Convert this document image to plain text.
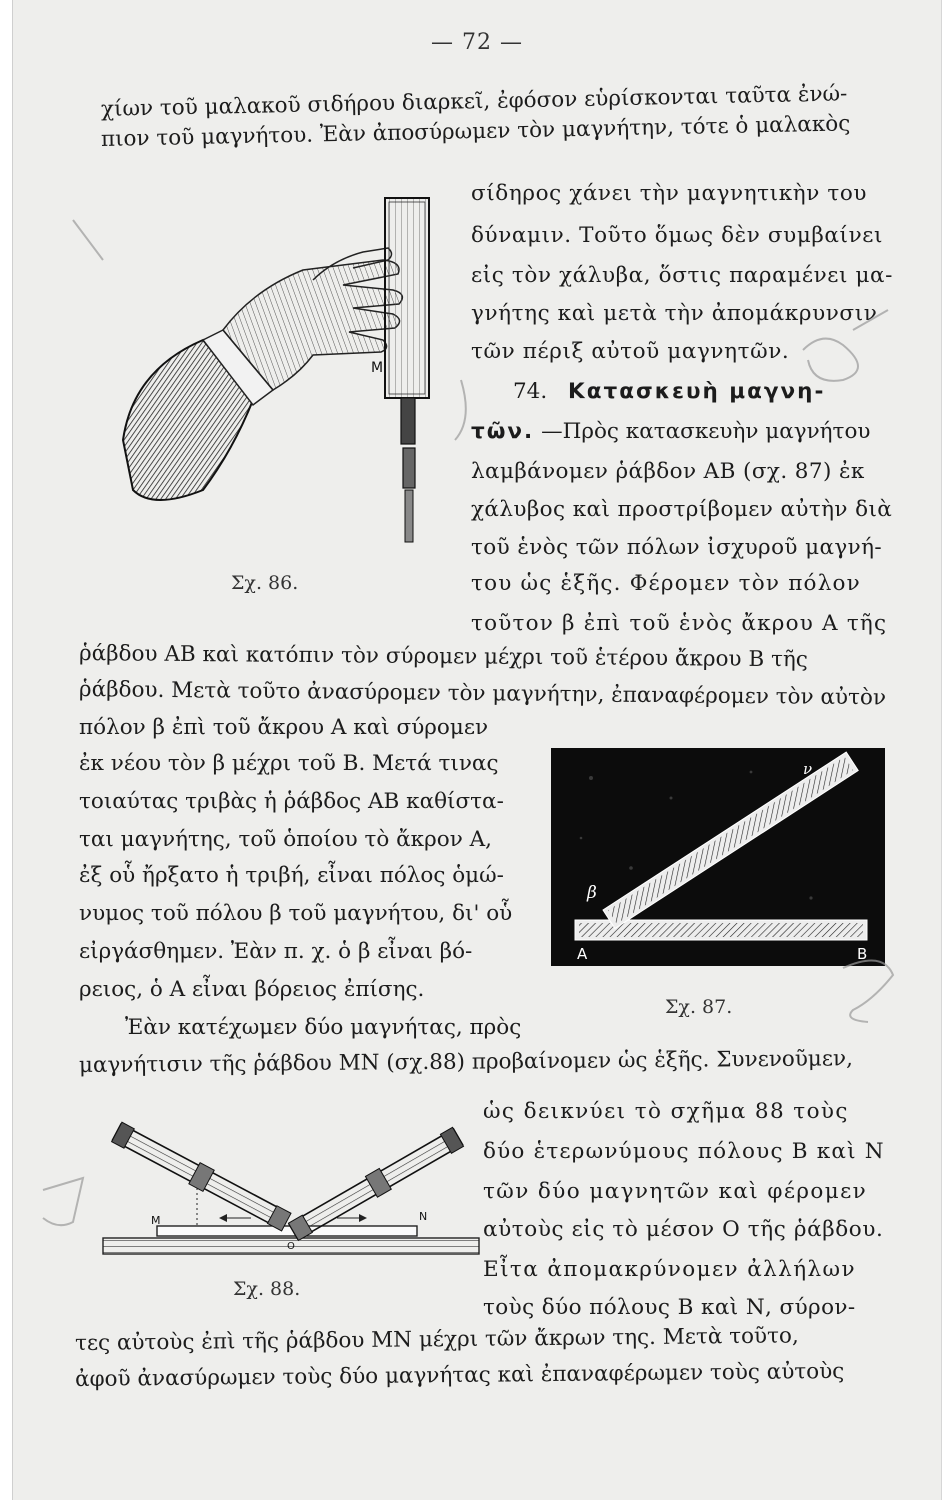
— 72 —
χίων τοῦ μαλακοῦ σιδήρου διαρκεῖ, ἐφόσον εὑρίσκονται ταῦτα ἐνώ-
πιον τοῦ μαγνήτου. Ἐὰν ἀποσύρωμεν τὸν μαγνήτην, τότε ὁ μαλακὸς
σίδηρος χάνει τὴν μαγνητικὴν του
δύναμιν. Τοῦτο ὅμως δὲν συμβαίνει
εἰς τὸν χάλυβα, ὅστις παραμένει μα-
γνήτης καὶ μετὰ τὴν ἀπομάκρυνσιν
τῶν πέριξ αὐτοῦ μαγνητῶν.
74. Κατασκευὴ μαγνη-
τῶν. —Πρὸς κατασκευὴν μαγνήτου
λαμβάνομεν ῥάβδον ΑΒ (σχ. 87) ἐκ
χάλυβος καὶ προστρίβομεν αὐτὴν διὰ
τοῦ ἑνὸς τῶν πόλων ἰσχυροῦ μαγνή-
του ὡς ἑξῆς. Φέρομεν τὸν πόλον
τοῦτον β ἐπὶ τοῦ ἑνὸς ἄκρου Α τῆς
ῥάβδου ΑΒ καὶ κατόπιν τὸν σύρομεν μέχρι τοῦ ἑτέρου ἄκρου Β τῆς
ῥάβδου. Μετὰ τοῦτο ἀνασύρομεν τὸν μαγνήτην, ἐπαναφέρομεν τὸν αὐτὸν
πόλον β ἐπὶ τοῦ ἄκρου Α καὶ σύρομεν
ἐκ νέου τὸν β μέχρι τοῦ Β. Μετά τινας
τοιαύτας τριβὰς ἡ ῥάβδος ΑΒ καθίστα-
ται μαγνήτης, τοῦ ὁποίου τὸ ἄκρον Α,
ἐξ οὗ ἤρξατο ἡ τριβή, εἶναι πόλος ὁμώ-
νυμος τοῦ πόλου β τοῦ μαγνήτου, δι' οὗ
εἰργάσθημεν. Ἐὰν π. χ. ὁ β εἶναι βό-
ρειος, ὁ Α εἶναι βόρειος ἐπίσης.
Ἐὰν κατέχωμεν δύο μαγνήτας, πρὸς
μαγνήτισιν τῆς ῥάβδου ΜΝ (σχ.88) προβαίνομεν ὡς ἑξῆς. Συνενοῦμεν,
ὡς δεικνύει τὸ σχῆμα 88 τοὺς
δύο ἑτερωνύμους πόλους Β καὶ Ν
τῶν δύο μαγνητῶν καὶ φέρομεν
αὐτοὺς εἰς τὸ μέσον Ο τῆς ῥάβδου.
Εἶτα ἀπομακρύνομεν ἀλλήλων
τοὺς δύο πόλους Β καὶ Ν, σύρον-
τες αὐτοὺς ἐπὶ τῆς ῥάβδου ΜΝ μέχρι τῶν ἄκρων της. Μετὰ τοῦτο,
ἀφοῦ ἀνασύρωμεν τοὺς δύο μαγνήτας καὶ ἐπαναφέρωμεν τοὺς αὐτοὺς
Μ
Σχ. 86.
A	B
β
ν
Σχ. 87.
M	N
O
Σχ. 88.
